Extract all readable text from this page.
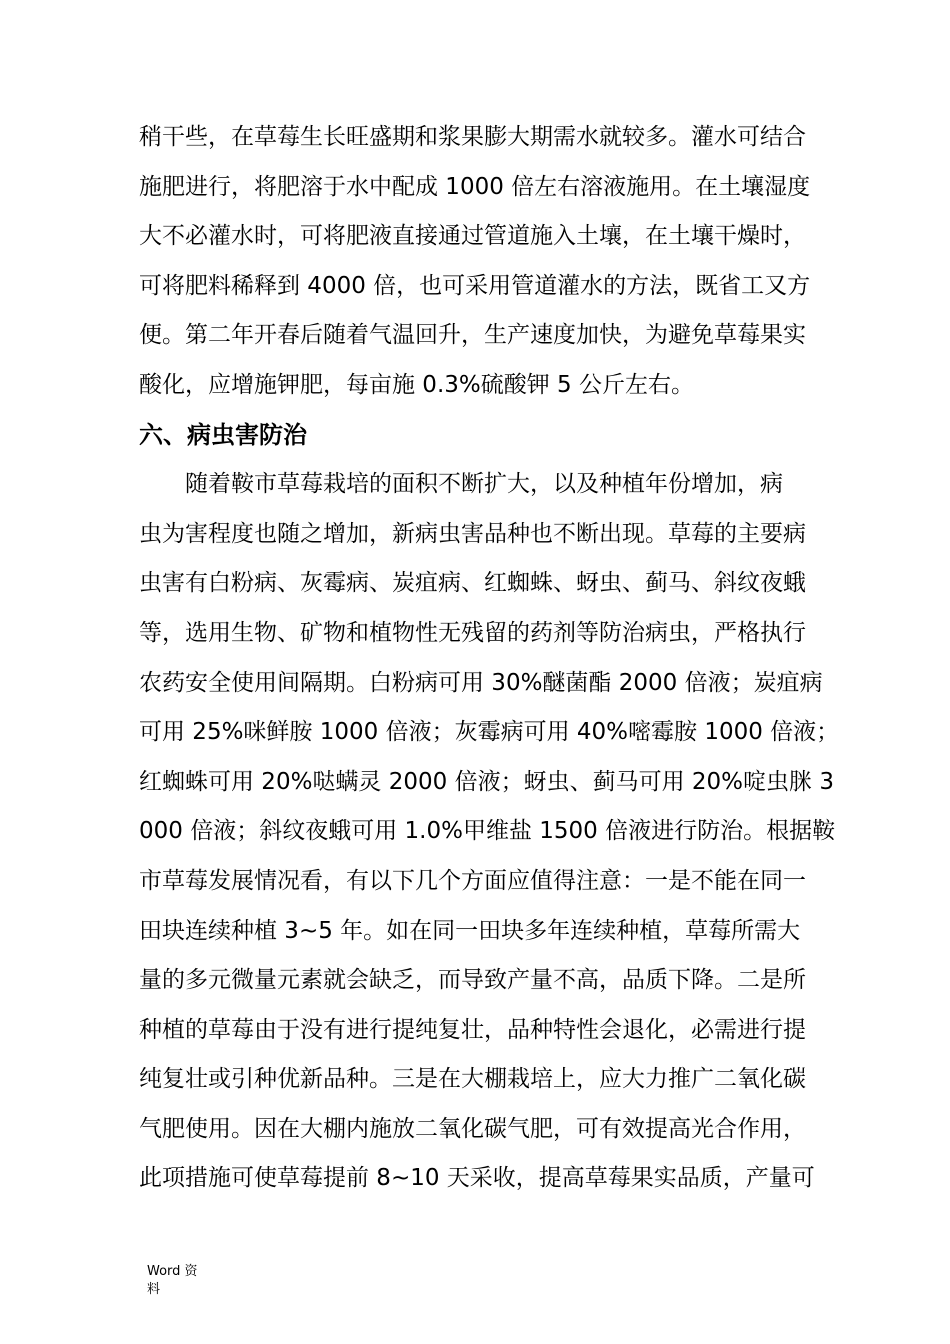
稍干些，在草莓生长旺盛期和浆果膨大期需水就较多。灌水可结合
施肥进行，将肥溶于水中配成 1000 倍左右溶液施用。在土壤湿度
大不必灌水时，可将肥液直接通过管道施入土壤，在土壤干燥时，
可将肥料稀释到 4000 倍，也可采用管道灌水的方法，既省工又方
便。第二年开春后随着气温回升，生产速度加快，为避免草莓果实
酸化，应增施钾肥，每亩施 0.3%硫酸钾 5 公斤左右。
六、病虫害防治
随着鞍市草莓栽培的面积不断扩大，以及种植年份增加，病
虫为害程度也随之增加，新病虫害品种也不断出现。草莓的主要病
虫害有白粉病、灰霉病、炭疽病、红蜘蛛、蚜虫、蓟马、斜纹夜蛾
等，选用生物、矿物和植物性无残留的药剂等防治病虫，严格执行
农药安全使用间隔期。白粉病可用 30%醚菌酯 2000 倍液；炭疽病
可用 25%咪鲜胺 1000 倍液；灰霉病可用 40%嘧霉胺 1000 倍液；
红蜘蛛可用 20%哒螨灵 2000 倍液；蚜虫、蓟马可用 20%啶虫脒 3
000 倍液；斜纹夜蛾可用 1.0%甲维盐 1500 倍液进行防治。根据鞍
市草莓发展情况看，有以下几个方面应值得注意：一是不能在同一
田块连续种植 3~5 年。如在同一田块多年连续种植，草莓所需大
量的多元微量元素就会缺乏，而导致产量不高，品质下降。二是所
种植的草莓由于没有进行提纯复壮，品种特性会退化，必需进行提
纯复壮或引种优新品种。三是在大棚栽培上，应大力推广二氧化碳
气肥使用。因在大棚内施放二氧化碳气肥，可有效提高光合作用，
此项措施可使草莓提前 8~10 天采收，提高草莓果实品质，产量可
Word 资
料
